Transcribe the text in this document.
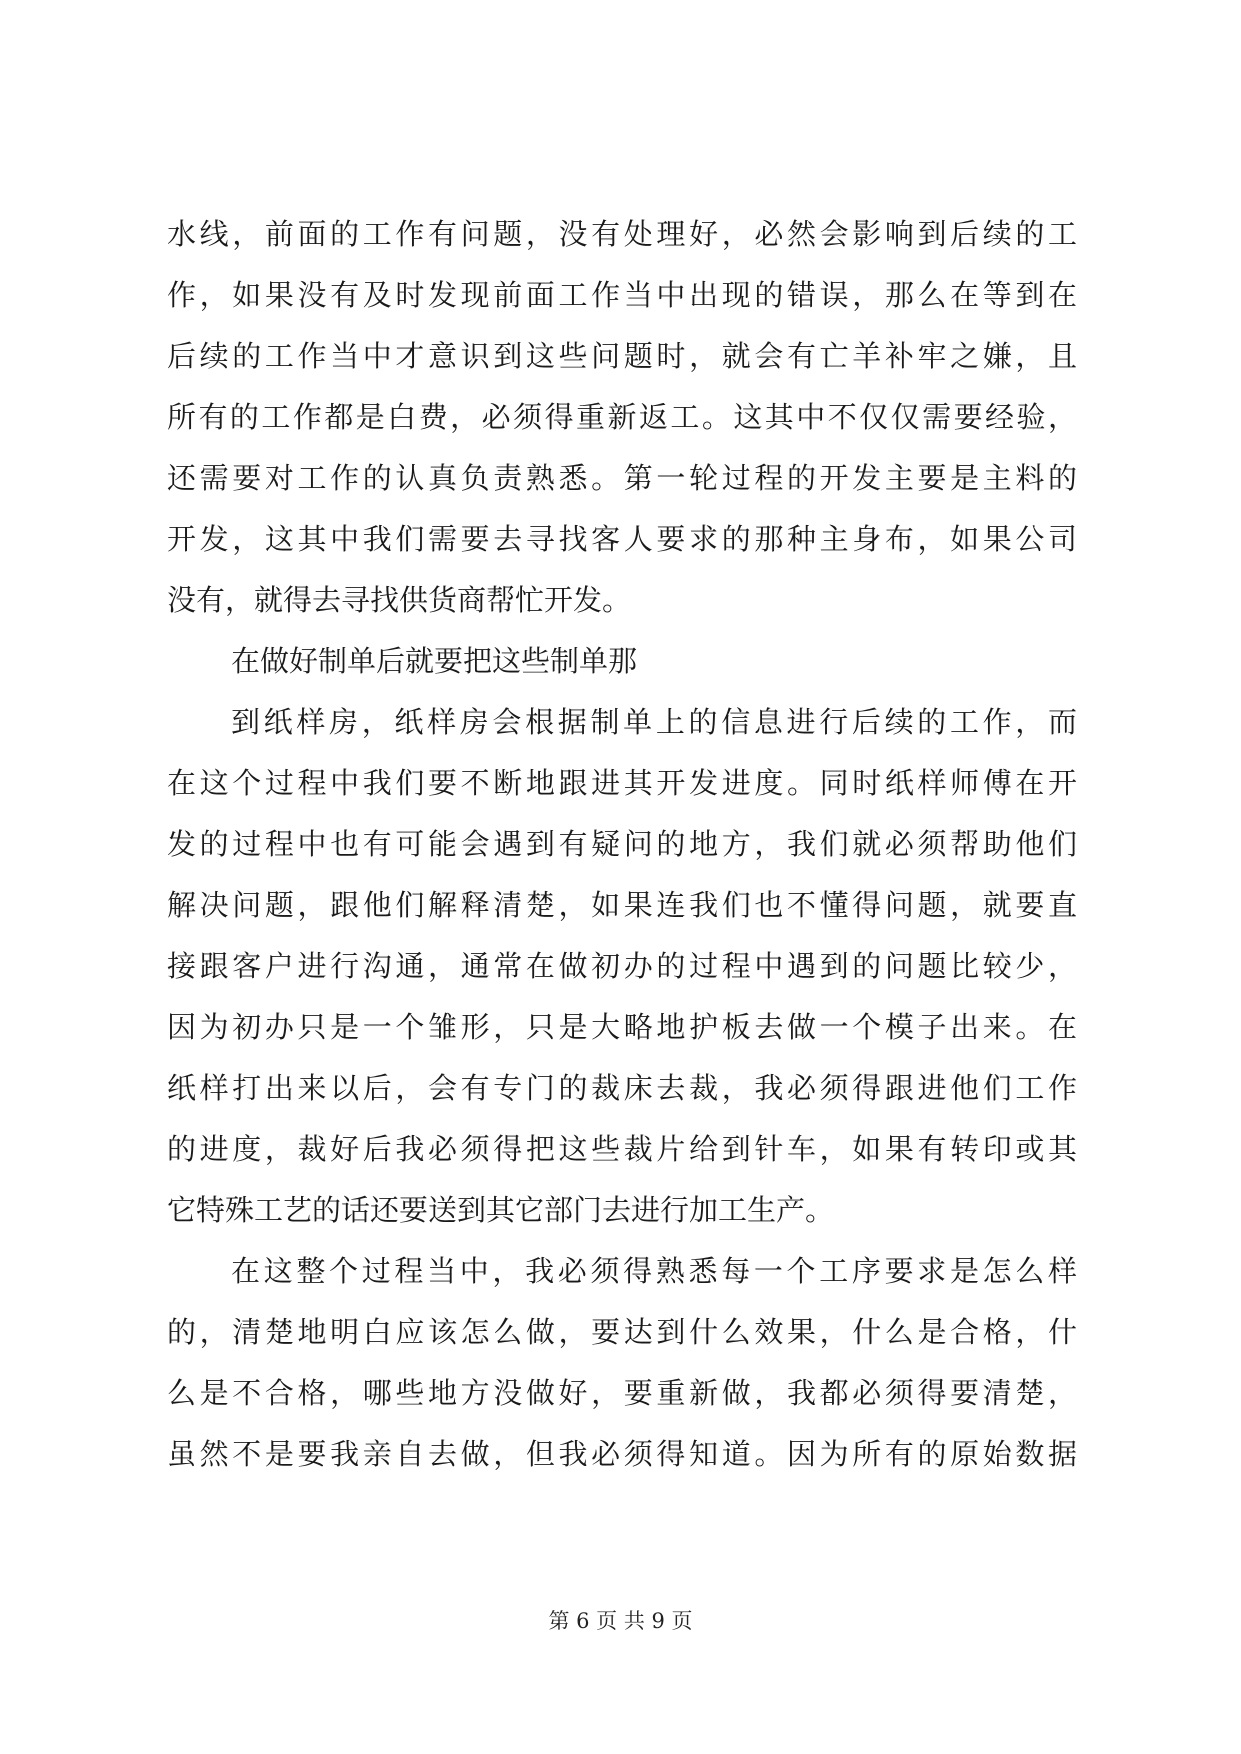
水线，前面的工作有问题，没有处理好，必然会影响到后续的工
作，如果没有及时发现前面工作当中出现的错误，那么在等到在
后续的工作当中才意识到这些问题时，就会有亡羊补牢之嫌，且
所有的工作都是白费，必须得重新返工。这其中不仅仅需要经验，
还需要对工作的认真负责熟悉。第一轮过程的开发主要是主料的
开发，这其中我们需要去寻找客人要求的那种主身布，如果公司
没有，就得去寻找供货商帮忙开发。
在做好制单后就要把这些制单那
到纸样房，纸样房会根据制单上的信息进行后续的工作，而
在这个过程中我们要不断地跟进其开发进度。同时纸样师傅在开
发的过程中也有可能会遇到有疑问的地方，我们就必须帮助他们
解决问题，跟他们解释清楚，如果连我们也不懂得问题，就要直
接跟客户进行沟通，通常在做初办的过程中遇到的问题比较少，
因为初办只是一个雏形，只是大略地护板去做一个模子出来。在
纸样打出来以后，会有专门的裁床去裁，我必须得跟进他们工作
的进度，裁好后我必须得把这些裁片给到针车，如果有转印或其
它特殊工艺的话还要送到其它部门去进行加工生产。
在这整个过程当中，我必须得熟悉每一个工序要求是怎么样
的，清楚地明白应该怎么做，要达到什么效果，什么是合格，什
么是不合格，哪些地方没做好，要重新做，我都必须得要清楚，
虽然不是要我亲自去做，但我必须得知道。因为所有的原始数据
第 6 页 共 9 页
